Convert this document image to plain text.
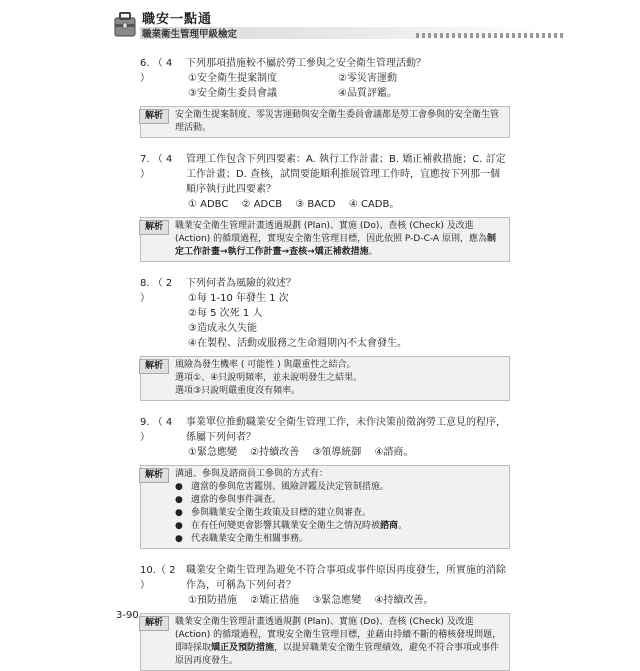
職安一點通
職業衛生管理甲級檢定
6. （ 4 ）
下列那項措施較不屬於勞工參與之安全衛生管理活動？
①安全衛生提案制度	②零災害運動
③安全衛生委員會議	④品質評鑑。
解析	安全衛生提案制度、零災害運動與安全衛生委員會議都是勞工會參與的安全衛生管理活動。
7. （ 4 ）
管理工作包含下列四要素：A. 執行工作計畫；B. 矯正補救措施；C. 訂定工作計畫；D. 查核，試問要能順利推展管理工作時，宜應按下列那一個順序執行此四要素？
① ADBC ② ADCB ③ BACD ④ CADB。
解析	職業安全衛生管理計畫透過規劃 (Plan)、實施 (Do)、查核 (Check) 及改進 (Action) 的循環過程，實現安全衛生管理目標，因此依照 P-D-C-A 原則，應為制定工作計畫→執行工作計畫→查核→矯正補救措施。
8. （ 2 ）
下列何者為風險的敘述？
①每 1-10 年發生 1 次
②每 5 次死 1 人
③造成永久失能
④在製程、活動或服務之生命週期內不太會發生。
解析	風險為發生機率 ( 可能性 ) 與嚴重性之結合。
選項①、④只說明頻率，並未說明發生之結果。
選項③只說明嚴重度沒有頻率。
9. （ 4 ）
事業單位推動職業安全衛生管理工作，未作決策前徵詢勞工意見的程序，係屬下列何者？
①緊急應變 ②持續改善 ③領導統御 ④諮商。
解析	溝通、參與及諮商員工參與的方式有：
● 適當的參與危害鑑別、風險評鑑及決定管制措施。
● 適當的參與事件調查。
● 參與職業安全衛生政策及目標的建立與審查。
● 在有任何變更會影響其職業安全衛生之情況時被諮商。
● 代表職業安全衛生相關事務。
10.（ 2 ）
職業安全衛生管理為避免不符合事項或事件原因再度發生，所實施的消除作為，可稱為下列何者？
①預防措施 ②矯正措施 ③緊急應變 ④持續改善。
解析	職業安全衛生管理計畫透過規劃 (Plan)、實施 (Do)、查核 (Check) 及改進 (Action) 的循環過程，實現安全衛生管理目標，並藉由持續不斷的稽核發現問題，即時採取矯正及預防措施，以提昇職業安全衛生管理績效，避免不符合事項或事件原因再度發生。
3-90
